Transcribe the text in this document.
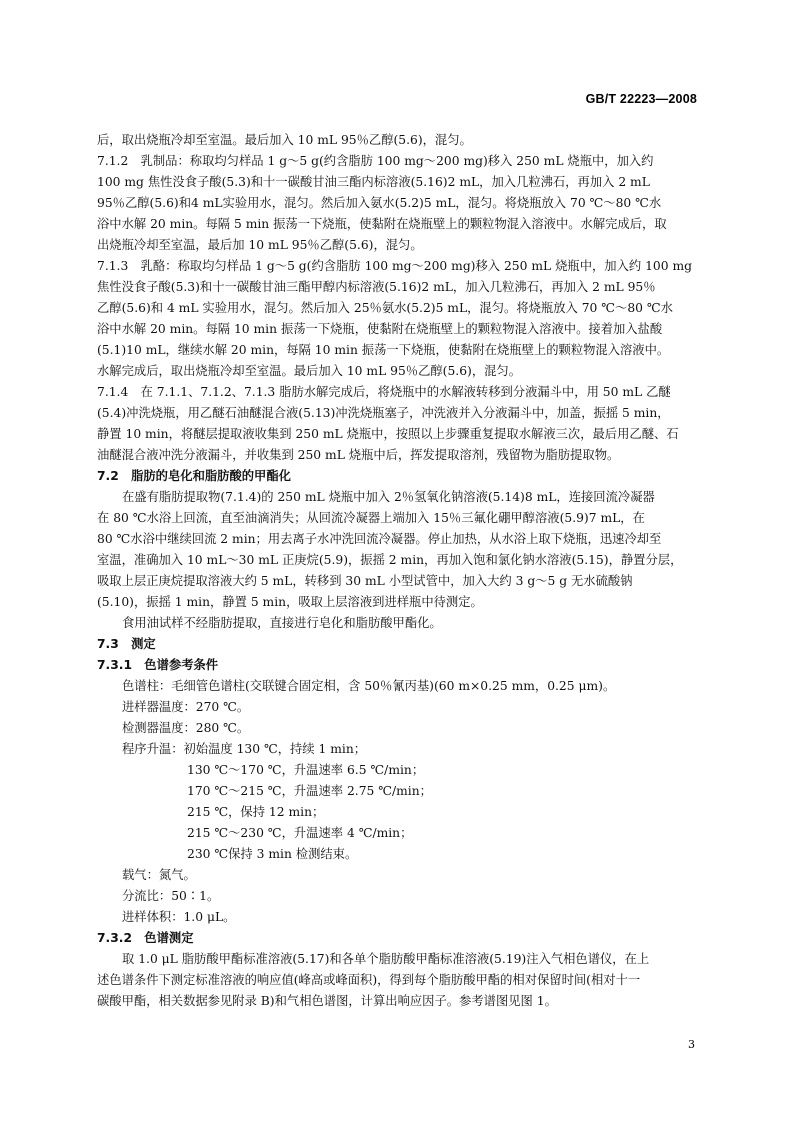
GB/T 22223—2008
后，取出烧瓶冷却至室温。最后加入 10 mL 95％乙醇(5.6)，混匀。
7.1.2　乳制品：称取均匀样品 1 g～5 g(约含脂肪 100 mg～200 mg)移入 250 mL 烧瓶中，加入约
100 mg 焦性没食子酸(5.3)和十一碳酸甘油三酯内标溶液(5.16)2 mL，加入几粒沸石，再加入 2 mL
95％乙醇(5.6)和4 mL实验用水，混匀。然后加入氨水(5.2)5 mL，混匀。将烧瓶放入 70 ℃～80 ℃水
浴中水解 20 min。每隔 5 min 振荡一下烧瓶，使黏附在烧瓶壁上的颗粒物混入溶液中。水解完成后，取
出烧瓶冷却至室温，最后加 10 mL 95％乙醇(5.6)，混匀。
7.1.3　乳酪：称取均匀样品 1 g～5 g(约含脂肪 100 mg～200 mg)移入 250 mL 烧瓶中，加入约 100 mg
焦性没食子酸(5.3)和十一碳酸甘油三酯甲醇内标溶液(5.16)2 mL，加入几粒沸石，再加入 2 mL 95％
乙醇(5.6)和 4 mL 实验用水，混匀。然后加入 25％氨水(5.2)5 mL，混匀。将烧瓶放入 70 ℃～80 ℃水
浴中水解 20 min。每隔 10 min 振荡一下烧瓶，使黏附在烧瓶壁上的颗粒物混入溶液中。接着加入盐酸
(5.1)10 mL，继续水解 20 min，每隔 10 min 振荡一下烧瓶，使黏附在烧瓶壁上的颗粒物混入溶液中。
水解完成后，取出烧瓶冷却至室温。最后加入 10 mL 95％乙醇(5.6)，混匀。
7.1.4　在 7.1.1、7.1.2、7.1.3 脂肪水解完成后，将烧瓶中的水解液转移到分液漏斗中，用 50 mL 乙醚
(5.4)冲洗烧瓶，用乙醚石油醚混合液(5.13)冲洗烧瓶塞子，冲洗液并入分液漏斗中，加盖，振摇 5 min，
静置 10 min，将醚层提取液收集到 250 mL 烧瓶中，按照以上步骤重复提取水解液三次，最后用乙醚、石
油醚混合液冲洗分液漏斗，并收集到 250 mL 烧瓶中后，挥发提取溶剂，残留物为脂肪提取物。
7.2　脂肪的皂化和脂肪酸的甲酯化
在盛有脂肪提取物(7.1.4)的 250 mL 烧瓶中加入 2％氢氧化钠溶液(5.14)8 mL，连接回流冷凝器
在 80 ℃水浴上回流，直至油滴消失；从回流冷凝器上端加入 15％三氟化硼甲醇溶液(5.9)7 mL，在
80 ℃水浴中继续回流 2 min；用去离子水冲洗回流冷凝器。停止加热，从水浴上取下烧瓶，迅速冷却至
室温，准确加入 10 mL～30 mL 正庚烷(5.9)，振摇 2 min，再加入饱和氯化钠水溶液(5.15)，静置分层，
吸取上层正庚烷提取溶液大约 5 mL，转移到 30 mL 小型试管中，加入大约 3 g～5 g 无水硫酸钠
(5.10)，振摇 1 min，静置 5 min，吸取上层溶液到进样瓶中待测定。
食用油试样不经脂肪提取，直接进行皂化和脂肪酸甲酯化。
7.3　测定
7.3.1　色谱参考条件
色谱柱：毛细管色谱柱(交联键合固定相，含 50％氰丙基)(60 m×0.25 mm，0.25 μm)。
进样器温度：270 ℃。
检测器温度：280 ℃。
程序升温：初始温度 130 ℃，持续 1 min；
130 ℃～170 ℃，升温速率 6.5 ℃/min；
170 ℃～215 ℃，升温速率 2.75 ℃/min；
215 ℃，保持 12 min；
215 ℃～230 ℃，升温速率 4 ℃/min；
230 ℃保持 3 min 检测结束。
载气：氮气。
分流比：50∶1。
进样体积：1.0 μL。
7.3.2　色谱测定
取 1.0 μL 脂肪酸甲酯标准溶液(5.17)和各单个脂肪酸甲酯标准溶液(5.19)注入气相色谱仪，在上
述色谱条件下测定标准溶液的响应值(峰高或峰面积)，得到每个脂肪酸甲酯的相对保留时间(相对十一
碳酸甲酯，相关数据参见附录 B)和气相色谱图，计算出响应因子。参考谱图见图 1。
3
